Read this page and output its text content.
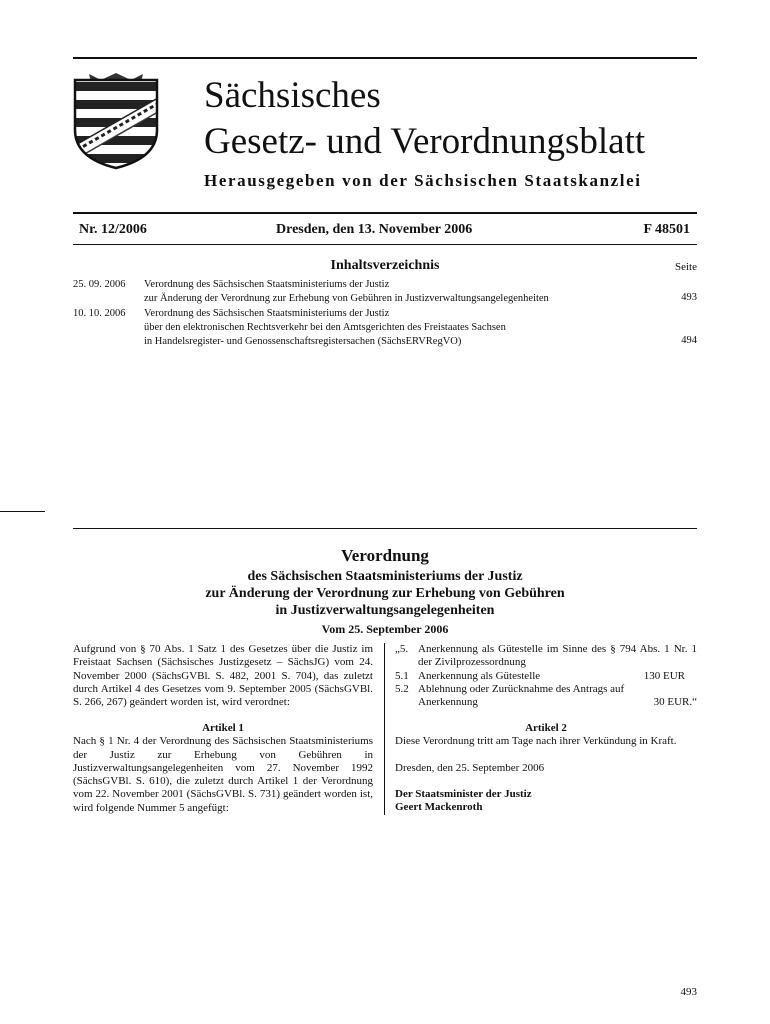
Sächsisches
Gesetz- und Verordnungsblatt
Herausgegeben von der Sächsischen Staatskanzlei
Nr. 12/2006	Dresden, den 13. November 2006	F 48501
Inhaltsverzeichnis	Seite
25. 09. 2006 Verordnung des Sächsischen Staatsministeriums der Justiz
zur Änderung der Verordnung zur Erhebung von Gebühren in Justizverwaltungsangelegenheiten	493
10. 10. 2006 Verordnung des Sächsischen Staatsministeriums der Justiz
über den elektronischen Rechtsverkehr bei den Amtsgerichten des Freistaates Sachsen
in Handelsregister- und Genossenschaftsregistersachen (SächsERVRegVO)	494
Verordnung
des Sächsischen Staatsministeriums der Justiz
zur Änderung der Verordnung zur Erhebung von Gebühren
in Justizverwaltungsangelegenheiten
Vom 25. September 2006

Aufgrund von § 70 Abs. 1 Satz 1 des Gesetzes über die Justiz im Freistaat Sachsen (Sächsisches Justizgesetz – SächsJG) vom 24. November 2000 (SächsGVBl. S. 482, 2001 S. 704), das zuletzt durch Artikel 4 des Gesetzes vom 9. September 2005 (SächsGVBl. S. 266, 267) geändert worden ist, wird verordnet:

Artikel 1

Nach § 1 Nr. 4 der Verordnung des Sächsischen Staatsministeriums der Justiz zur Erhebung von Gebühren in Justizverwaltungsangelegenheiten vom 27. November 1992 (SächsGVBl. S. 610), die zuletzt durch Artikel 1 der Verordnung vom 22. November 2001 (SächsGVBl. S. 731) geändert worden ist, wird folgende Nummer 5 angefügt:

„5. Anerkennung als Gütestelle im Sinne des § 794 Abs. 1 Nr. 1 der Zivilprozessordnung
5.1 Anerkennung als Gütestelle	130 EUR
5.2 Ablehnung oder Zurücknahme des Antrags auf Anerkennung	30 EUR.“

Artikel 2

Diese Verordnung tritt am Tage nach ihrer Verkündung in Kraft.

Dresden, den 25. September 2006
Der Staatsminister der Justiz
Geert Mackenroth
493
